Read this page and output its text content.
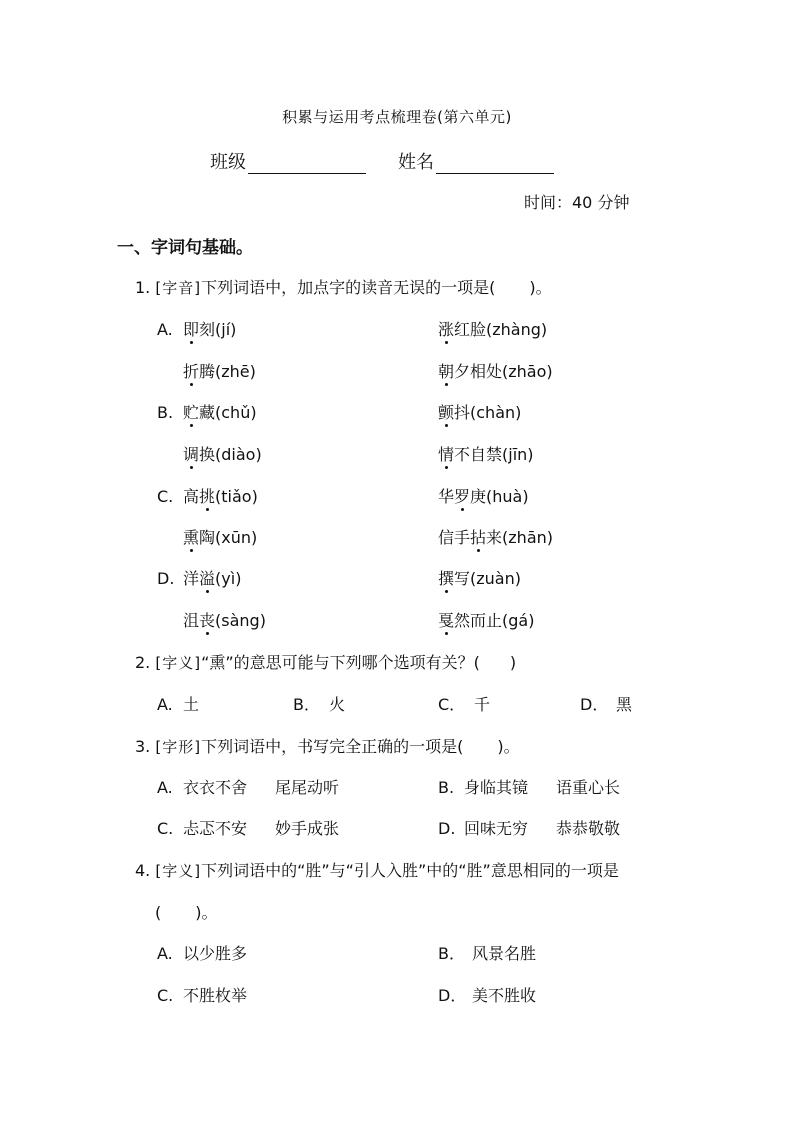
积累与运用考点梳理卷(第六单元)
班级	姓名
时间：40 分钟
一、字词句基础。
1. [字音]下列词语中，加点字的读音无误的一项是( )。
A. 即刻(jí)	涨红脸(zhàng)
折腾(zhē)	朝夕相处(zhāo)
B. 贮藏(chǔ)	颤抖(chàn)
调换(diào)	情不自禁(jīn)
C. 高挑(tiǎo)	华罗庚(huà)
熏陶(xūn)	信手拈来(zhān)
D. 洋溢(yì)	撰写(zuàn)
沮丧(sàng)	戛然而止(gá)
2. [字义]“熏”的意思可能与下列哪个选项有关？( )
A. 土	B． 火	C． 千	D． 黑
3. [字形]下列词语中，书写完全正确的一项是( )。
A. 衣衣不舍 尾尾动听	B. 身临其镜 语重心长
C. 忐忑不安 妙手成张	D. 回味无穷 恭恭敬敬
4. [字义]下列词语中的“胜”与“引人入胜”中的“胜”意思相同的一项是
( )。
A. 以少胜多	B． 风景名胜
C. 不胜枚举	D． 美不胜收
